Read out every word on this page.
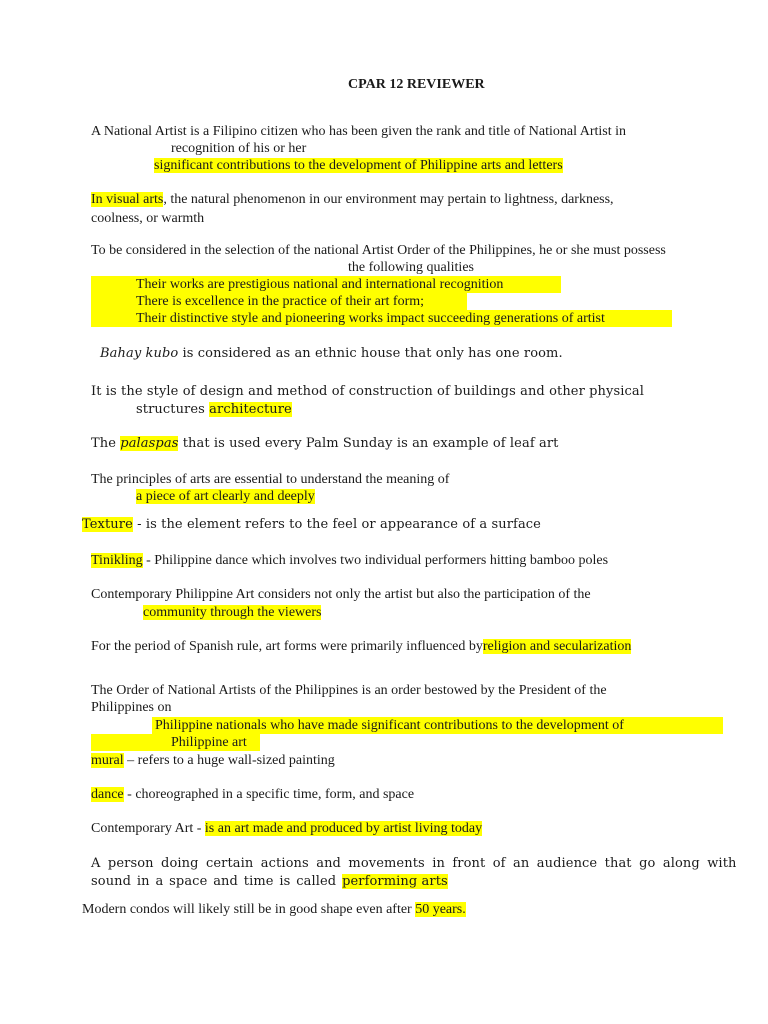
CPAR 12 REVIEWER

A National Artist is a Filipino citizen who has been given the rank and title of National Artist in

recognition of his or her

significant contributions to the development of Philippine arts and letters

In visual arts, the natural phenomenon in our environment may pertain to lightness, darkness,

coolness, or warmth

To be considered in the selection of the national Artist Order of the Philippines, he or she must possess

the following qualities

Their works are prestigious national and international recognition

There is excellence in the practice of their art form;

Their distinctive style and pioneering works impact succeeding generations of artist

Bahay kubo is considered as an ethnic house that only has one room.

It is the style of design and method of construction of buildings and other physical

structures architecture

The palaspas that is used every Palm Sunday is an example of leaf art

The principles of arts are essential to understand the meaning of

a piece of art clearly and deeply

Texture - is the element refers to the feel or appearance of a surface

Tinikling - Philippine dance which involves two individual performers hitting bamboo poles

Contemporary Philippine Art considers not only the artist but also the participation of the

community through the viewers

For the period of Spanish rule, art forms were primarily influenced byreligion and secularization

The Order of National Artists of the Philippines is an order bestowed by the President of the

Philippines on

Philippine nationals who have made significant contributions to the development of

Philippine art

mural – refers to a huge wall-sized painting

dance - choreographed in a specific time, form, and space

Contemporary Art - is an art made and produced by artist living today

A person doing certain actions and movements in front of an audience that go along with

sound in a space and time is called performing arts

Modern condos will likely still be in good shape even after 50 years.
